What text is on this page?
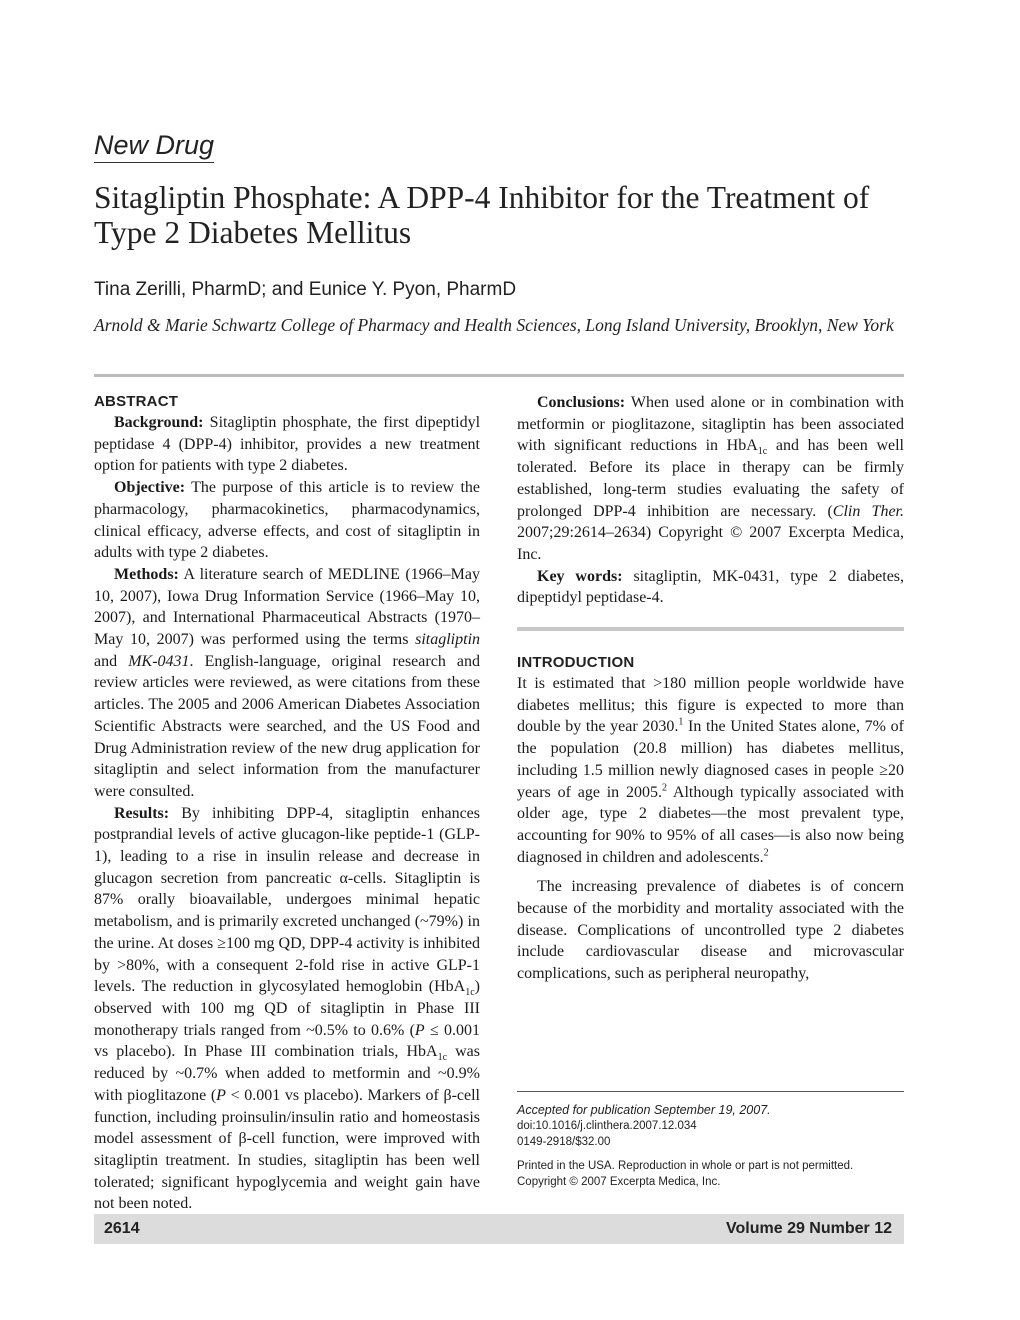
New Drug
Sitagliptin Phosphate: A DPP-4 Inhibitor for the Treatment of Type 2 Diabetes Mellitus
Tina Zerilli, PharmD; and Eunice Y. Pyon, PharmD
Arnold & Marie Schwartz College of Pharmacy and Health Sciences, Long Island University, Brooklyn, New York
ABSTRACT

Background: Sitagliptin phosphate, the first dipeptidyl peptidase 4 (DPP-4) inhibitor, provides a new treatment option for patients with type 2 diabetes.

Objective: The purpose of this article is to review the pharmacology, pharmacokinetics, pharmacodynamics, clinical efficacy, adverse effects, and cost of sitagliptin in adults with type 2 diabetes.

Methods: A literature search of MEDLINE (1966–May 10, 2007), Iowa Drug Information Service (1966–May 10, 2007), and International Pharmaceutical Abstracts (1970–May 10, 2007) was performed using the terms sitagliptin and MK-0431. English-language, original research and review articles were reviewed, as were citations from these articles. The 2005 and 2006 American Diabetes Association Scientific Abstracts were searched, and the US Food and Drug Administration review of the new drug application for sitagliptin and select information from the manufacturer were consulted.

Results: By inhibiting DPP-4, sitagliptin enhances postprandial levels of active glucagon-like peptide-1 (GLP-1), leading to a rise in insulin release and decrease in glucagon secretion from pancreatic α-cells. Sitagliptin is 87% orally bioavailable, undergoes minimal hepatic metabolism, and is primarily excreted unchanged (~79%) in the urine. At doses ≥100 mg QD, DPP-4 activity is inhibited by >80%, with a consequent 2-fold rise in active GLP-1 levels. The reduction in glycosylated hemoglobin (HbA$_{1c}$) observed with 100 mg QD of sitagliptin in Phase III monotherapy trials ranged from ~0.5% to 0.6% (P ≤ 0.001 vs placebo). In Phase III combination trials, HbA$_{1c}$ was reduced by ~0.7% when added to metformin and ~0.9% with pioglitazone (P < 0.001 vs placebo). Markers of β-cell function, including proinsulin/insulin ratio and homeostasis model assessment of β-cell function, were improved with sitagliptin treatment. In studies, sitagliptin has been well tolerated; significant hypoglycemia and weight gain have not been noted.

Conclusions: When used alone or in combination with metformin or pioglitazone, sitagliptin has been associated with significant reductions in HbA$_{1c}$ and has been well tolerated. Before its place in therapy can be firmly established, long-term studies evaluating the safety of prolonged DPP-4 inhibition are necessary. (Clin Ther. 2007;29:2614–2634) Copyright © 2007 Excerpta Medica, Inc.

Key words: sitagliptin, MK-0431, type 2 diabetes, dipeptidyl peptidase-4.

INTRODUCTION

It is estimated that >180 million people worldwide have diabetes mellitus; this figure is expected to more than double by the year 2030.$^1$ In the United States alone, 7% of the population (20.8 million) has diabetes mellitus, including 1.5 million newly diagnosed cases in people ≥20 years of age in 2005.$^2$ Although typically associated with older age, type 2 diabetes—the most prevalent type, accounting for 90% to 95% of all cases—is also now being diagnosed in children and adolescents.$^2$

The increasing prevalence of diabetes is of concern because of the morbidity and mortality associated with the disease. Complications of uncontrolled type 2 diabetes include cardiovascular disease and microvascular complications, such as peripheral neuropathy,

Accepted for publication September 19, 2007.
doi:10.1016/j.clinthera.2007.12.034
0149-2918/$32.00
Printed in the USA. Reproduction in whole or part is not permitted.
Copyright © 2007 Excerpta Medica, Inc.
2614	Volume 29 Number 12
